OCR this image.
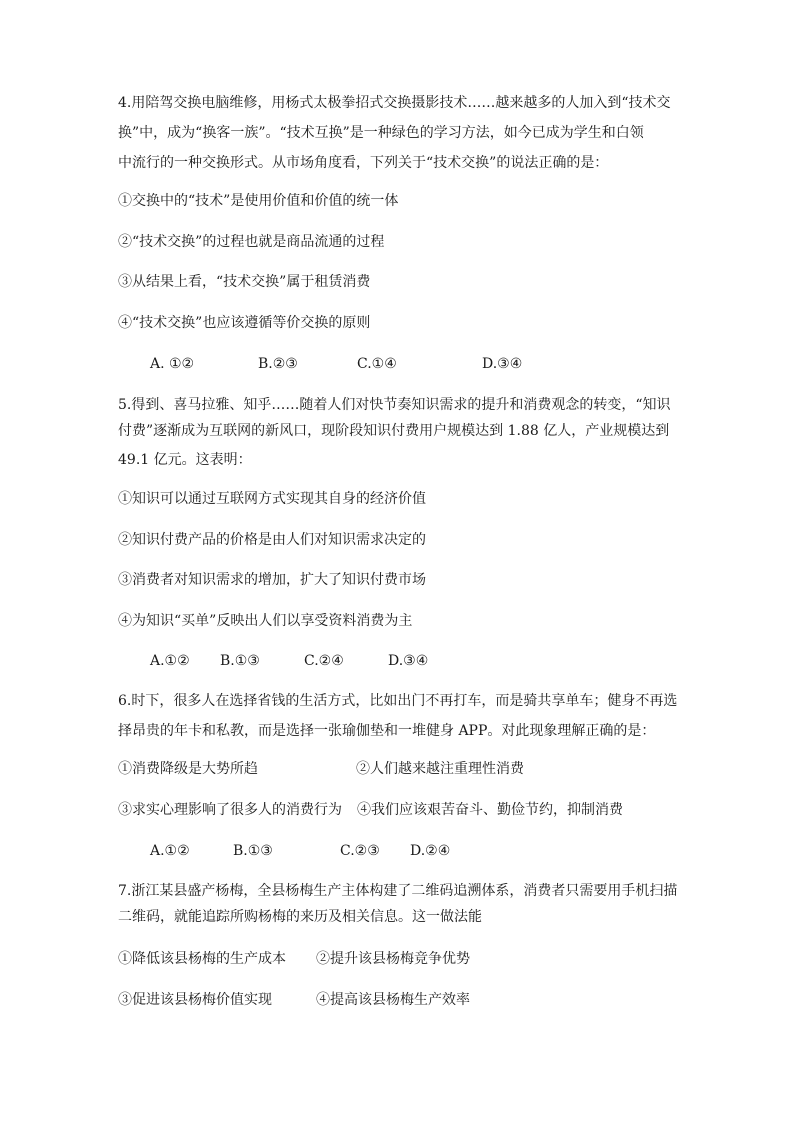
4.用陪驾交换电脑维修，用杨式太极拳招式交换摄影技术……越来越多的人加入到“技术交
换”中，成为“换客一族”。“技术互换”是一种绿色的学习方法，如今已成为学生和白领
中流行的一种交换形式。从市场角度看，下列关于“技术交换”的说法正确的是：
①交换中的“技术”是使用价值和价值的统一体
②“技术交换”的过程也就是商品流通的过程
③从结果上看，“技术交换”属于租赁消费
④“技术交换”也应该遵循等价交换的原则
A. ①②	B.②③	C.①④	D.③④
5.得到、喜马拉雅、知乎……随着人们对快节奏知识需求的提升和消费观念的转变，“知识
付费”逐渐成为互联网的新风口，现阶段知识付费用户规模达到 1.88 亿人，产业规模达到
49.1 亿元。这表明：
①知识可以通过互联网方式实现其自身的经济价值
②知识付费产品的价格是由人们对知识需求决定的
③消费者对知识需求的增加，扩大了知识付费市场
④为知识“买单”反映出人们以享受资料消费为主
A.①② B.①③	C.②④	D.③④
6.时下，很多人在选择省钱的生活方式，比如出门不再打车，而是骑共享单车；健身不再选
择昂贵的年卡和私教，而是选择一张瑜伽垫和一堆健身 APP。对此现象理解正确的是：
①消费降级是大势所趋	②人们越来越注重理性消费
③求实心理影响了很多人的消费行为 ④我们应该艰苦奋斗、勤俭节约，抑制消费
A.①②	B.①③	C.②③ D.②④
7.浙江某县盛产杨梅，全县杨梅生产主体构建了二维码追溯体系，消费者只需要用手机扫描
二维码，就能追踪所购杨梅的来历及相关信息。这一做法能
①降低该县杨梅的生产成本 ②提升该县杨梅竞争优势
③促进该县杨梅价值实现	④提高该县杨梅生产效率
